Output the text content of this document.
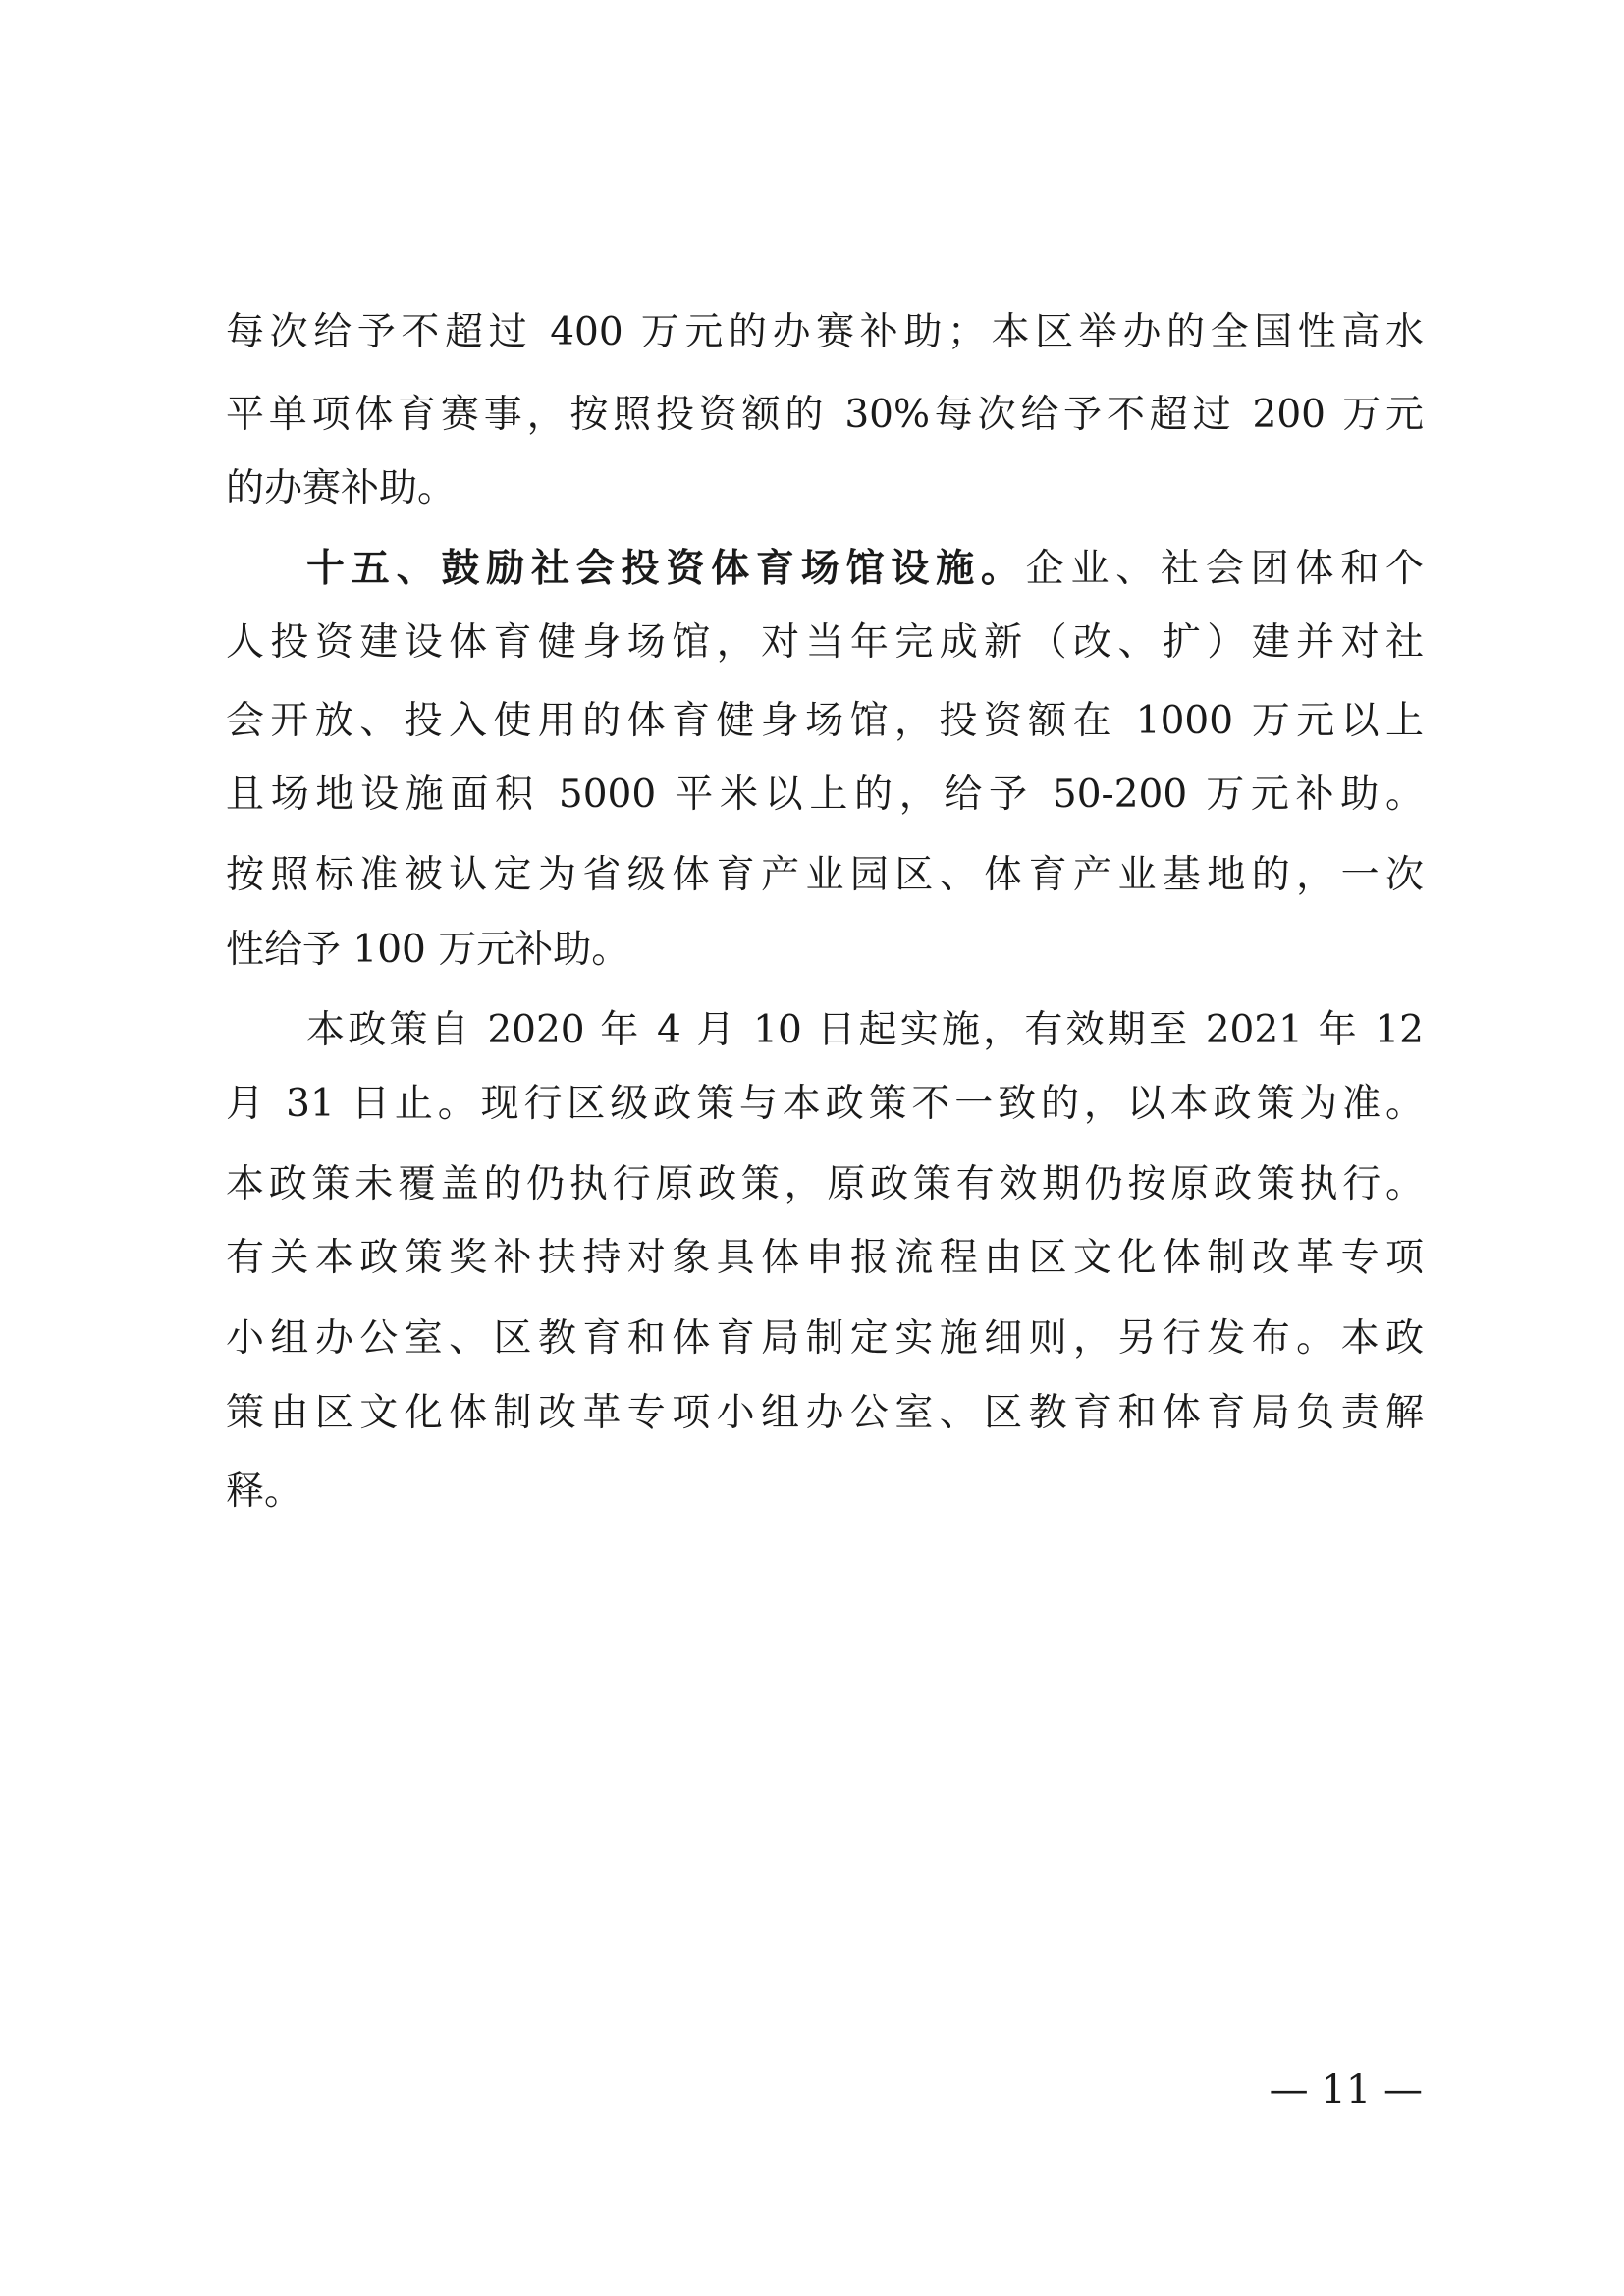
每次给予不超过 400 万元的办赛补助；本区举办的全国性高水
平单项体育赛事，按照投资额的 30%每次给予不超过 200 万元
的办赛补助。
十五、鼓励社会投资体育场馆设施。企业、社会团体和个
人投资建设体育健身场馆，对当年完成新（改、扩）建并对社
会开放、投入使用的体育健身场馆，投资额在 1000 万元以上
且场地设施面积 5000 平米以上的，给予 50-200 万元补助。
按照标准被认定为省级体育产业园区、体育产业基地的，一次
性给予 100 万元补助。
本政策自 2020 年 4 月 10 日起实施，有效期至 2021 年 12
月 31 日止。现行区级政策与本政策不一致的，以本政策为准。
本政策未覆盖的仍执行原政策，原政策有效期仍按原政策执行。
有关本政策奖补扶持对象具体申报流程由区文化体制改革专项
小组办公室、区教育和体育局制定实施细则，另行发布。本政
策由区文化体制改革专项小组办公室、区教育和体育局负责解
释。
— 11 —
